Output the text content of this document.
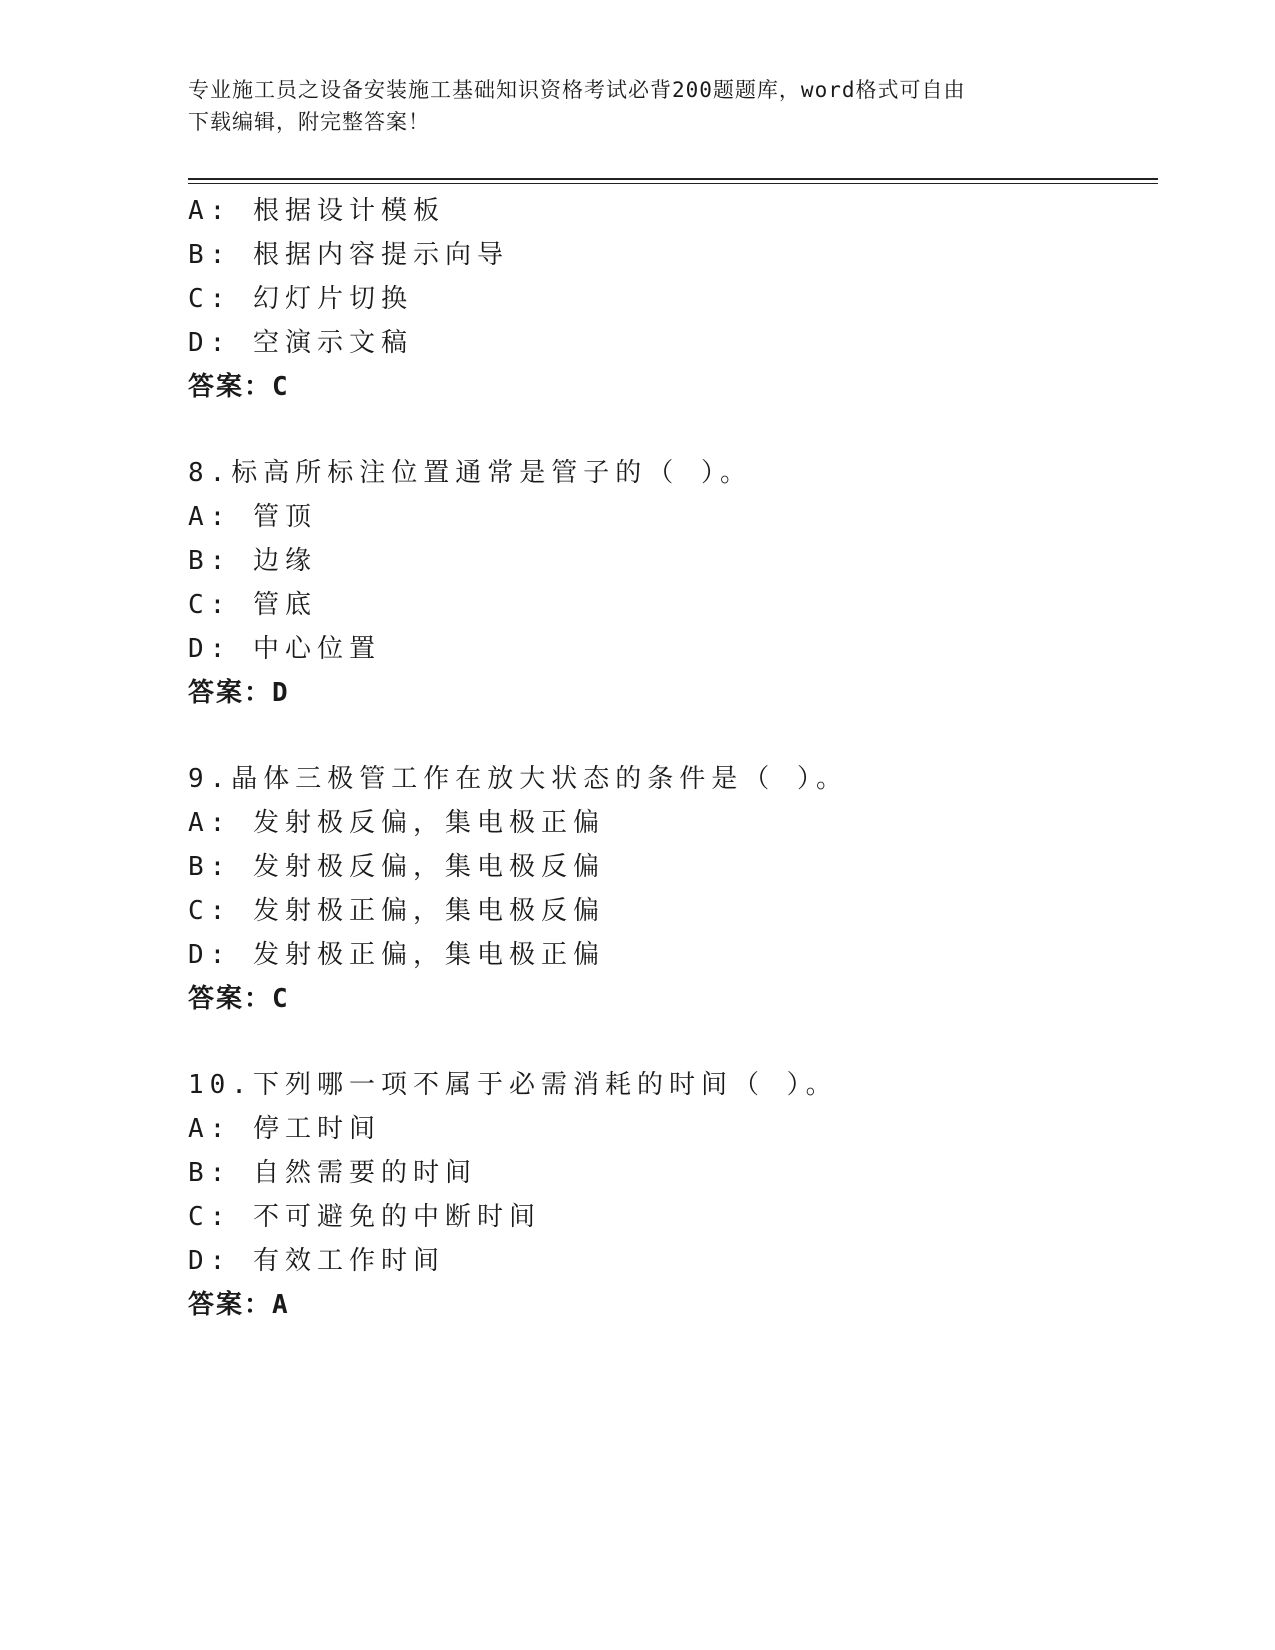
专业施工员之设备安装施工基础知识资格考试必背200题题库，word格式可自由
下载编辑，附完整答案！
A: 根据设计模板
B: 根据内容提示向导
C: 幻灯片切换
D: 空演示文稿
答案：C
8.标高所标注位置通常是管子的（ ）。
A: 管顶
B: 边缘
C: 管底
D: 中心位置
答案：D
9.晶体三极管工作在放大状态的条件是（ ）。
A: 发射极反偏，集电极正偏
B: 发射极反偏，集电极反偏
C: 发射极正偏，集电极反偏
D: 发射极正偏，集电极正偏
答案：C
10.下列哪一项不属于必需消耗的时间（ ）。
A: 停工时间
B: 自然需要的时间
C: 不可避免的中断时间
D: 有效工作时间
答案：A
